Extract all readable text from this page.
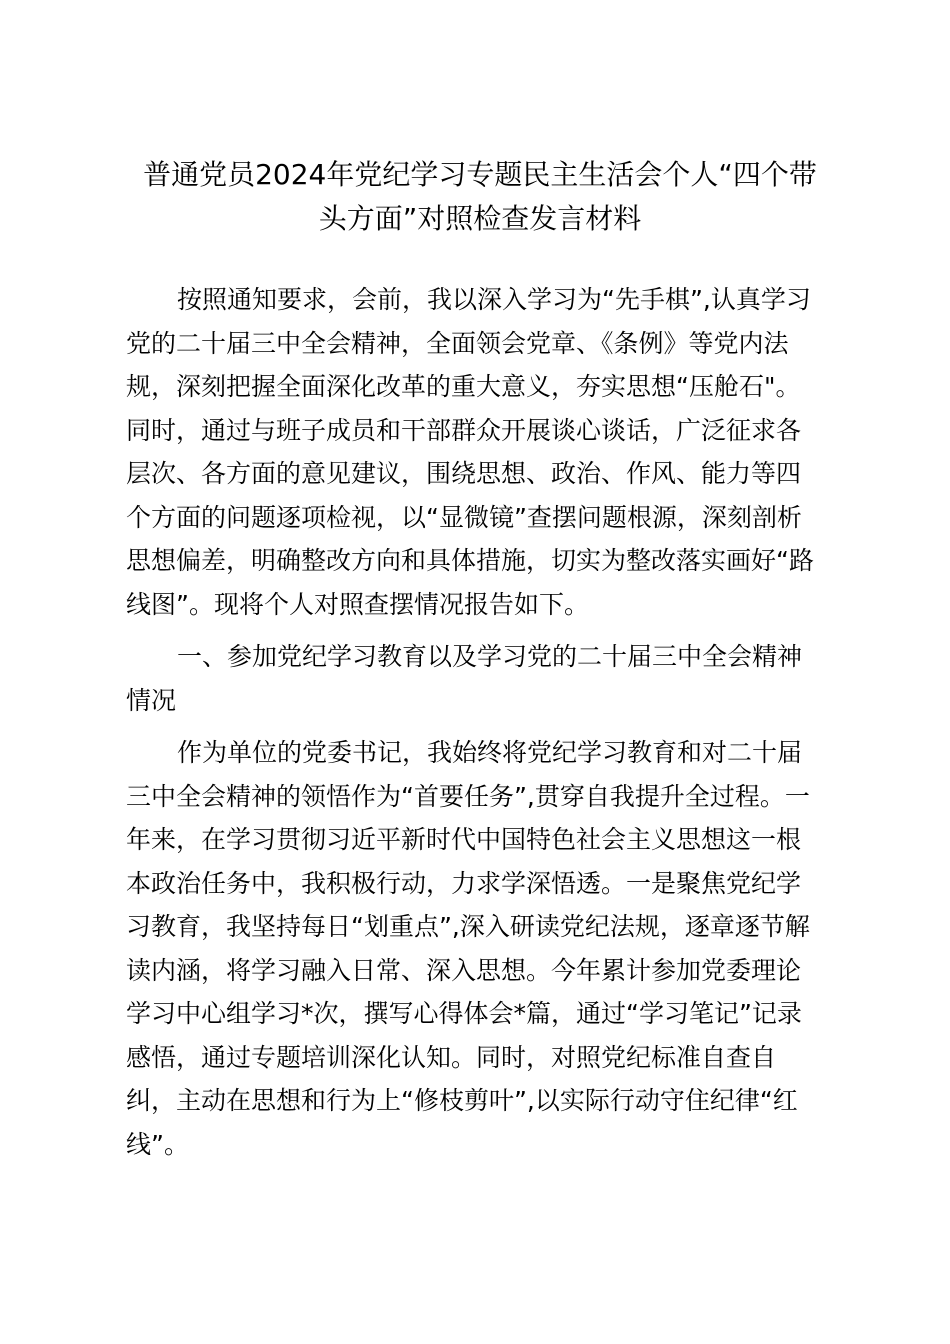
普通党员2024年党纪学习专题民主生活会个人“四个带
头方面”对照检查发言材料

按照通知要求，会前，我以深入学习为“先手棋”,认真学习
党的二十届三中全会精神，全面领会党章、《条例》等党内法
规，深刻把握全面深化改革的重大意义，夯实思想“压舱石"。
同时，通过与班子成员和干部群众开展谈心谈话，广泛征求各
层次、各方面的意见建议，围绕思想、政治、作风、能力等四
个方面的问题逐项检视，以“显微镜”查摆问题根源，深刻剖析
思想偏差，明确整改方向和具体措施，切实为整改落实画好“路
线图”。现将个人对照查摆情况报告如下。

一、参加党纪学习教育以及学习党的二十届三中全会精神
情况

作为单位的党委书记，我始终将党纪学习教育和对二十届
三中全会精神的领悟作为“首要任务”,贯穿自我提升全过程。一
年来，在学习贯彻习近平新时代中国特色社会主义思想这一根
本政治任务中，我积极行动，力求学深悟透。一是聚焦党纪学
习教育，我坚持每日“划重点”,深入研读党纪法规，逐章逐节解
读内涵，将学习融入日常、深入思想。今年累计参加党委理论
学习中心组学习*次，撰写心得体会*篇，通过“学习笔记”记录
感悟，通过专题培训深化认知。同时，对照党纪标准自查自
纠，主动在思想和行为上“修枝剪叶”,以实际行动守住纪律“红
线”。
